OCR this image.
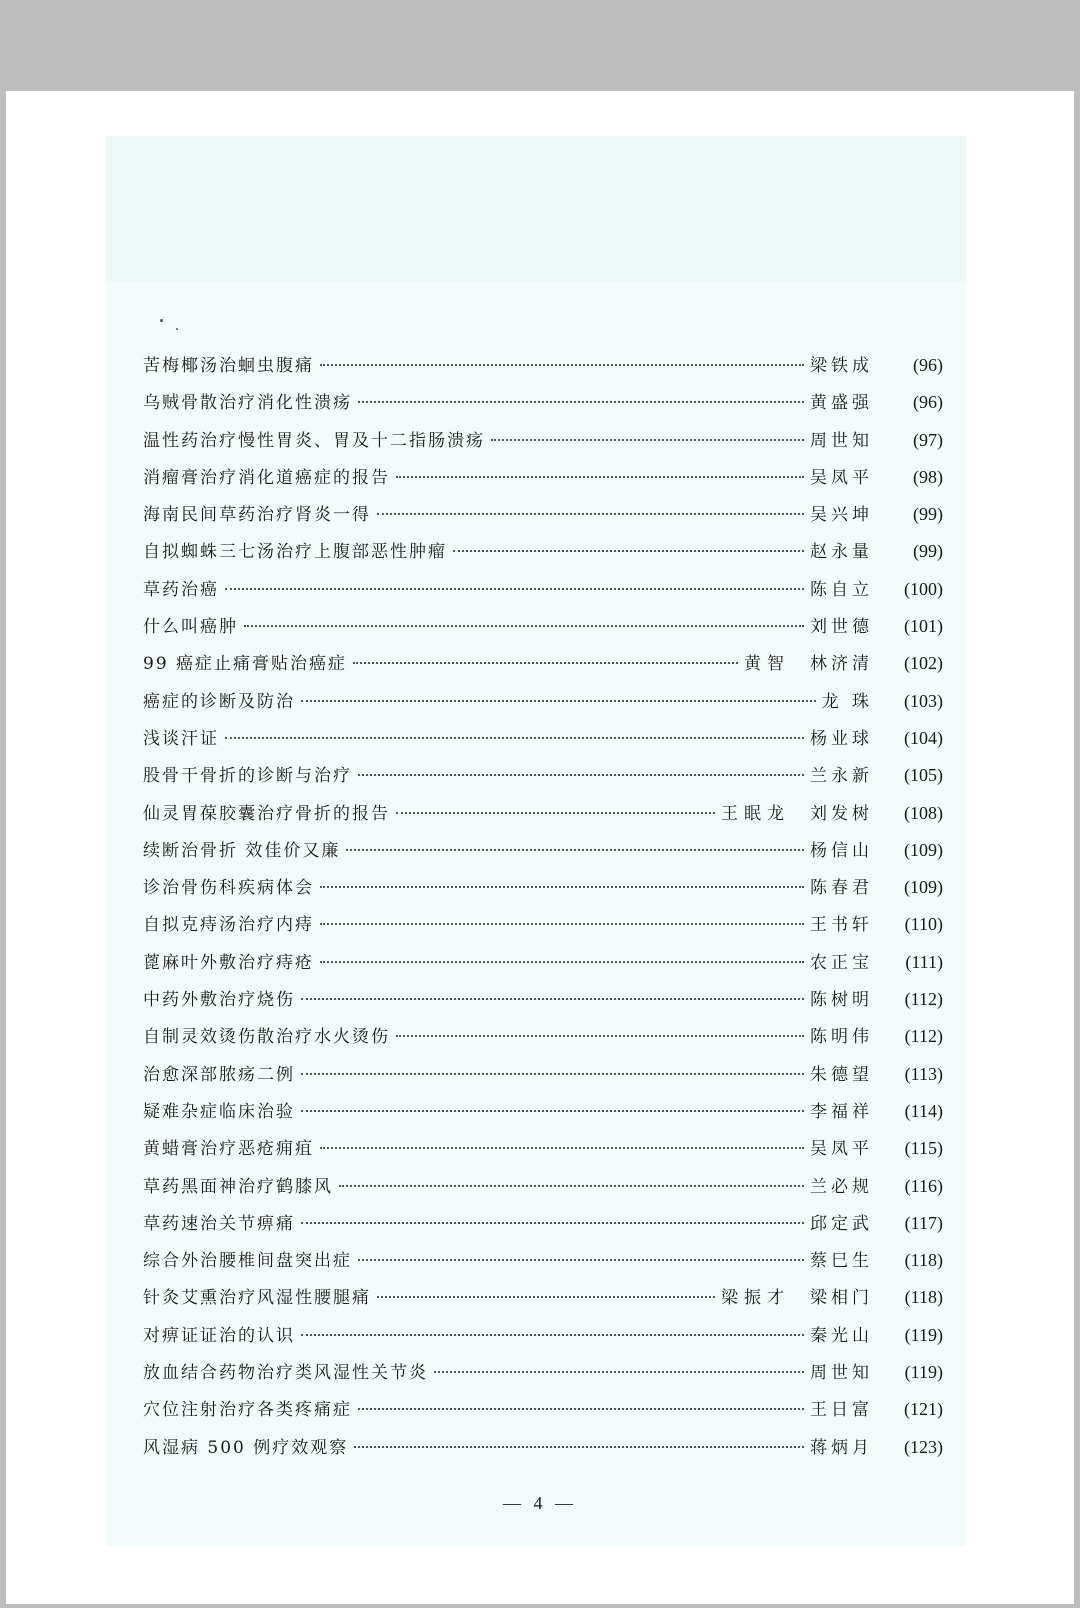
苦梅椰汤治蛔虫腹痛	梁铁成	(96)
乌贼骨散治疗消化性溃疡	黄盛强	(96)
温性药治疗慢性胃炎、胃及十二指肠溃疡	周世知	(97)
消瘤膏治疗消化道癌症的报告	吴凤平	(98)
海南民间草药治疗肾炎一得	吴兴坤	(99)
自拟蜘蛛三七汤治疗上腹部恶性肿瘤	赵永量	(99)
草药治癌	陈自立	(100)
什么叫癌肿	刘世德	(101)
99 癌症止痛膏贴治癌症	黄智 林济清	(102)
癌症的诊断及防治	龙 珠	(103)
浅谈汗证	杨业球	(104)
股骨干骨折的诊断与治疗	兰永新	(105)
仙灵胃葆胶囊治疗骨折的报告	王眠龙 刘发树	(108)
续断治骨折 效佳价又廉	杨信山	(109)
诊治骨伤科疾病体会	陈春君	(109)
自拟克痔汤治疗内痔	王书轩	(110)
蓖麻叶外敷治疗痔疮	农正宝	(111)
中药外敷治疗烧伤	陈树明	(112)
自制灵效烫伤散治疗水火烫伤	陈明伟	(112)
治愈深部脓疡二例	朱德望	(113)
疑难杂症临床治验	李福祥	(114)
黄蜡膏治疗恶疮痈疽	吴凤平	(115)
草药黑面神治疗鹤膝风	兰必规	(116)
草药速治关节痹痛	邱定武	(117)
综合外治腰椎间盘突出症	蔡巳生	(118)
针灸艾熏治疗风湿性腰腿痛	梁振才 梁相门	(118)
对痹证证治的认识	秦光山	(119)
放血结合药物治疗类风湿性关节炎	周世知	(119)
穴位注射治疗各类疼痛症	王日富	(121)
风湿病 500 例疗效观察	蒋炳月	(123)
— 4 —
